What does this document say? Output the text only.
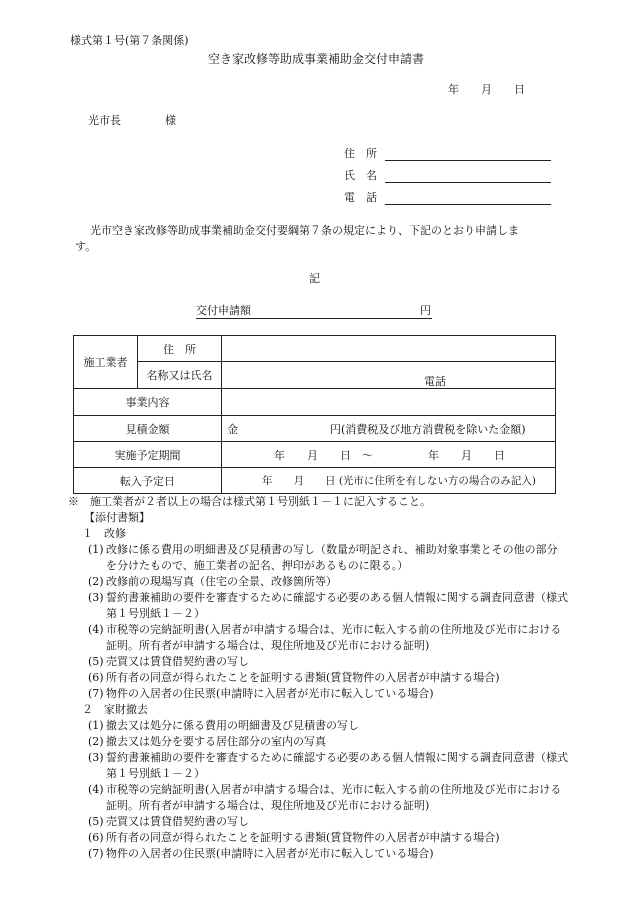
様式第１号(第７条関係)
空き家改修等助成事業補助金交付申請書
年　　月　　日
光市長　　　　様
住　所
氏　名
電　話
光市空き家改修等助成事業補助金交付要綱第７条の規定により、下記のとおり申請しま
す。
記
交付申請額	円
施工業者	住　所	
	名称又は氏名	電話

事業内容		
見積金額		金 円(消費税及び地方消費税を除いた金額)

実施予定期間		年　　月　　日　～　　　　　年　　月　　日
転入予定日		年　　月　　日 (光市に住所を有しない方の場合のみ記入)

※　施工業者が２者以上の場合は様式第１号別紙１－１に記入すること。

【添付書類】

１　改修

(1) 改修に係る費用の明細書及び見積書の写し（数量が明記され、補助対象事業とその他の部分を分けたもので、施工業者の記名、押印があるものに限る。）
(2) 改修前の現場写真（住宅の全景、改修箇所等）
(3) 誓約書兼補助の要件を審査するために確認する必要のある個人情報に関する調査同意書（様式第１号別紙１－２）
(4) 市税等の完納証明書(入居者が申請する場合は、光市に転入する前の住所地及び光市における証明。所有者が申請する場合は、現住所地及び光市における証明)
(5) 売買又は賃貸借契約書の写し
(6) 所有者の同意が得られたことを証明する書類(賃貸物件の入居者が申請する場合)
(7) 物件の入居者の住民票(申請時に入居者が光市に転入している場合)

２　家財撤去

(1) 撤去又は処分に係る費用の明細書及び見積書の写し
(2) 撤去又は処分を要する居住部分の室内の写真
(3) 誓約書兼補助の要件を審査するために確認する必要のある個人情報に関する調査同意書（様式第１号別紙１－２）
(4) 市税等の完納証明書(入居者が申請する場合は、光市に転入する前の住所地及び光市における証明。所有者が申請する場合は、現住所地及び光市における証明)
(5) 売買又は賃貸借契約書の写し
(6) 所有者の同意が得られたことを証明する書類(賃貸物件の入居者が申請する場合)
(7) 物件の入居者の住民票(申請時に入居者が光市に転入している場合)
